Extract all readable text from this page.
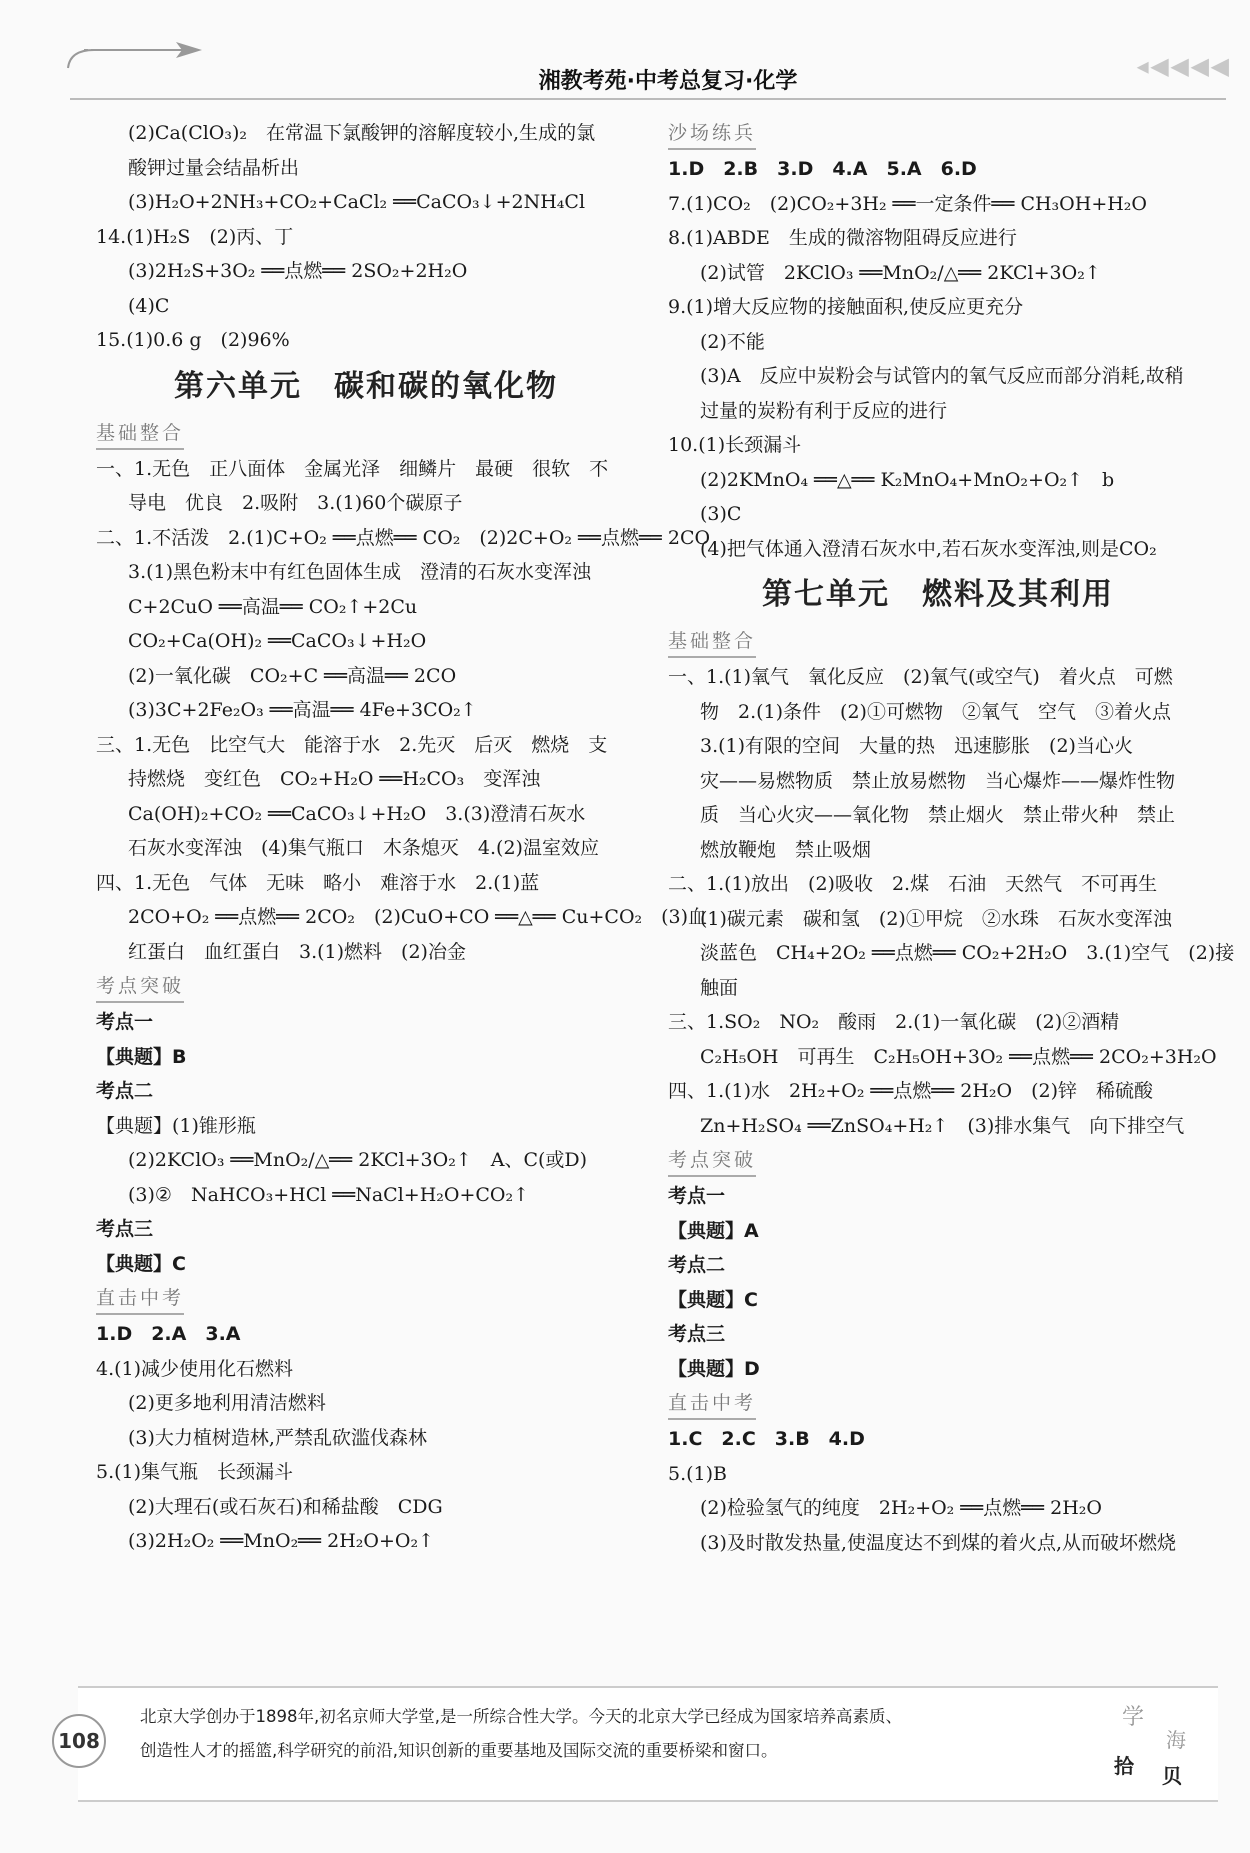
湘教考苑·中考总复习·化学
◂ ◀ ◀ ◀ ◀
(2)Ca(ClO₃)₂　在常温下氯酸钾的溶解度较小,生成的氯
酸钾过量会结晶析出
(3)H₂O+2NH₃+CO₂+CaCl₂ ══CaCO₃↓+2NH₄Cl
14.(1)H₂S　(2)丙、丁
(3)2H₂S+3O₂ ══点燃══ 2SO₂+2H₂O
(4)C
15.(1)0.6 g　(2)96%
第六单元　碳和碳的氧化物
基础整合
一、1.无色　正八面体　金属光泽　细鳞片　最硬　很软　不
导电　优良　2.吸附　3.(1)60个碳原子
二、1.不活泼　2.(1)C+O₂ ══点燃══ CO₂　(2)2C+O₂ ══点燃══ 2CO
3.(1)黑色粉末中有红色固体生成　澄清的石灰水变浑浊
C+2CuO ══高温══ CO₂↑+2Cu
CO₂+Ca(OH)₂ ══CaCO₃↓+H₂O
(2)一氧化碳　CO₂+C ══高温══ 2CO
(3)3C+2Fe₂O₃ ══高温══ 4Fe+3CO₂↑
三、1.无色　比空气大　能溶于水　2.先灭　后灭　燃烧　支
持燃烧　变红色　CO₂+H₂O ══H₂CO₃　变浑浊
Ca(OH)₂+CO₂ ══CaCO₃↓+H₂O　3.(3)澄清石灰水
石灰水变浑浊　(4)集气瓶口　木条熄灭　4.(2)温室效应
四、1.无色　气体　无味　略小　难溶于水　2.(1)蓝
2CO+O₂ ══点燃══ 2CO₂　(2)CuO+CO ══△══ Cu+CO₂　(3)血
红蛋白　血红蛋白　3.(1)燃料　(2)冶金
考点突破
考点一
【典题】B
考点二
【典题】(1)锥形瓶
(2)2KClO₃ ══MnO₂/△══ 2KCl+3O₂↑　A、C(或D)
(3)②　NaHCO₃+HCl ══NaCl+H₂O+CO₂↑
考点三
【典题】C
直击中考
1.D　2.A　3.A
4.(1)减少使用化石燃料
(2)更多地利用清洁燃料
(3)大力植树造林,严禁乱砍滥伐森林
5.(1)集气瓶　长颈漏斗
(2)大理石(或石灰石)和稀盐酸　CDG
(3)2H₂O₂ ══MnO₂══ 2H₂O+O₂↑
沙场练兵
1.D　2.B　3.D　4.A　5.A　6.D
7.(1)CO₂　(2)CO₂+3H₂ ══一定条件══ CH₃OH+H₂O
8.(1)ABDE　生成的微溶物阻碍反应进行
(2)试管　2KClO₃ ══MnO₂/△══ 2KCl+3O₂↑
9.(1)增大反应物的接触面积,使反应更充分
(2)不能
(3)A　反应中炭粉会与试管内的氧气反应而部分消耗,故稍
过量的炭粉有利于反应的进行
10.(1)长颈漏斗
(2)2KMnO₄ ══△══ K₂MnO₄+MnO₂+O₂↑　b
(3)C
(4)把气体通入澄清石灰水中,若石灰水变浑浊,则是CO₂
第七单元　燃料及其利用
基础整合
一、1.(1)氧气　氧化反应　(2)氧气(或空气)　着火点　可燃
物　2.(1)条件　(2)①可燃物　②氧气　空气　③着火点
3.(1)有限的空间　大量的热　迅速膨胀　(2)当心火
灾——易燃物质　禁止放易燃物　当心爆炸——爆炸性物
质　当心火灾——氧化物　禁止烟火　禁止带火种　禁止
燃放鞭炮　禁止吸烟
二、1.(1)放出　(2)吸收　2.煤　石油　天然气　不可再生
(1)碳元素　碳和氢　(2)①甲烷　②水珠　石灰水变浑浊
淡蓝色　CH₄+2O₂ ══点燃══ CO₂+2H₂O　3.(1)空气　(2)接
触面
三、1.SO₂　NO₂　酸雨　2.(1)一氧化碳　(2)②酒精
C₂H₅OH　可再生　C₂H₅OH+3O₂ ══点燃══ 2CO₂+3H₂O
四、1.(1)水　2H₂+O₂ ══点燃══ 2H₂O　(2)锌　稀硫酸
Zn+H₂SO₄ ══ZnSO₄+H₂↑　(3)排水集气　向下排空气
考点突破
考点一
【典题】A
考点二
【典题】C
考点三
【典题】D
直击中考
1.C　2.C　3.B　4.D
5.(1)B
(2)检验氢气的纯度　2H₂+O₂ ══点燃══ 2H₂O
(3)及时散发热量,使温度达不到煤的着火点,从而破坏燃烧
北京大学创办于1898年,初名京师大学堂,是一所综合性大学。今天的北京大学已经成为国家培养高素质、
创造性人才的摇篮,科学研究的前沿,知识创新的重要基地及国际交流的重要桥梁和窗口。
108
学
海
拾 贝
